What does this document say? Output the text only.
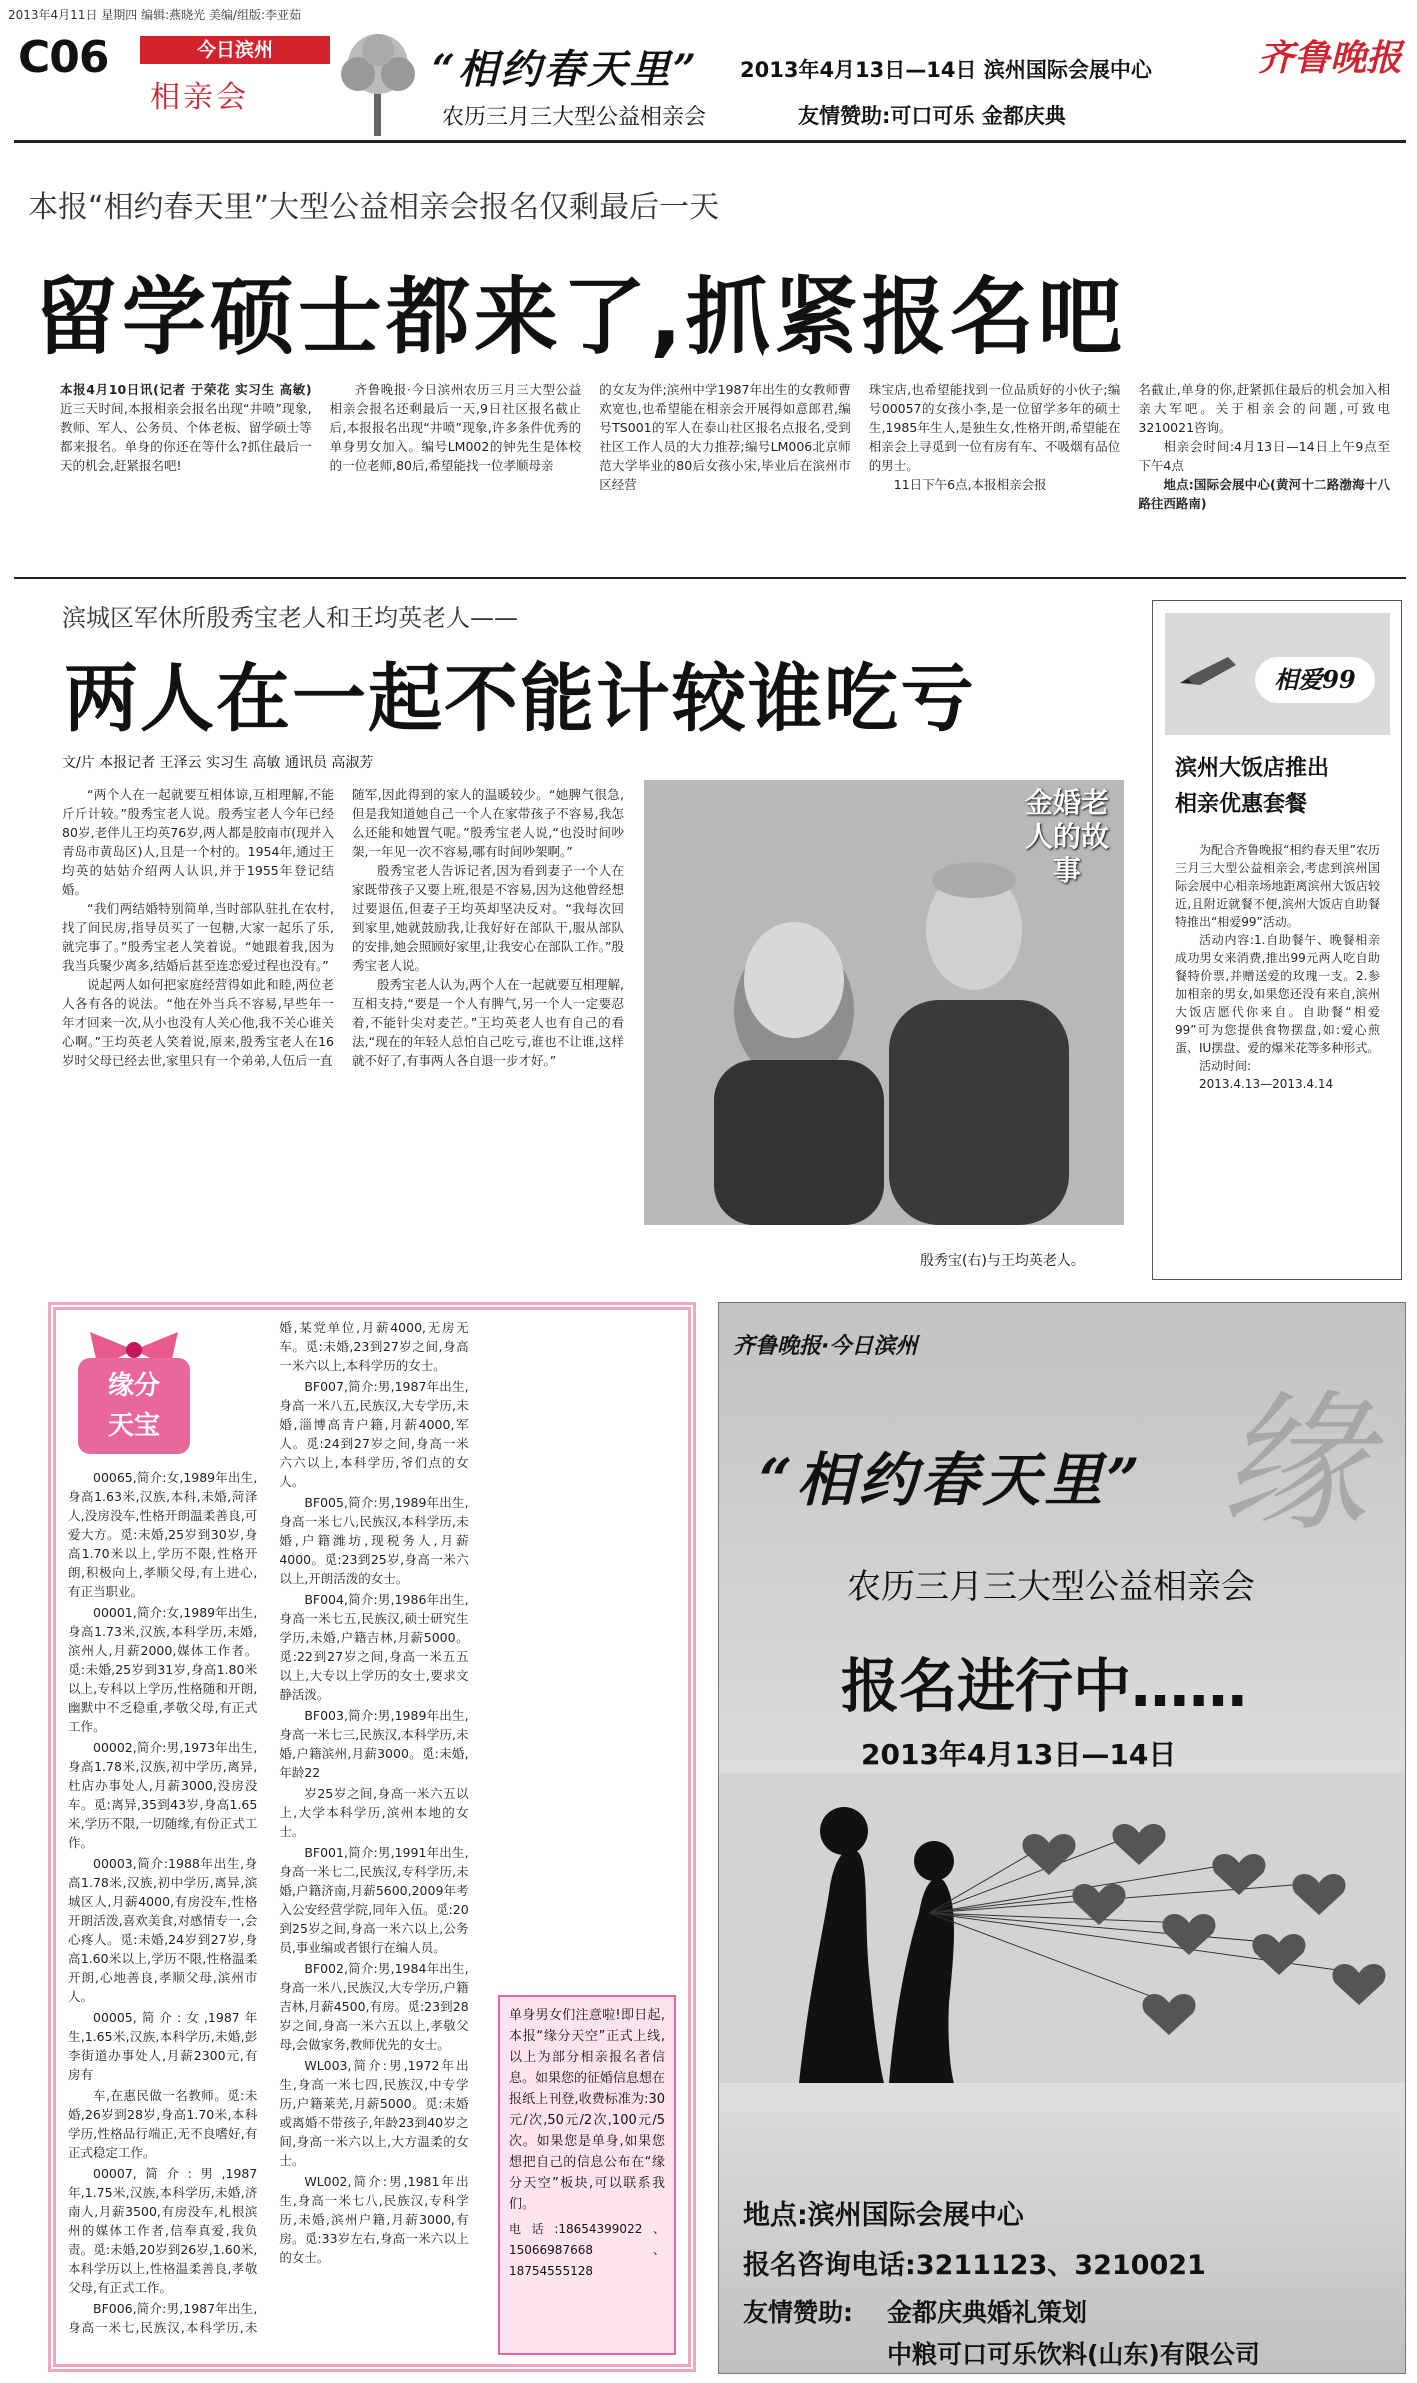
2013年4月11日 星期四 编辑:燕晓光 美编/组版:李亚茹
C06	今日滨州
相亲会
“相约春天里”
农历三月三大型公益相亲会
2013年4月13日—14日 滨州国际会展中心
友情赞助:可口可乐 金都庆典
齐鲁晚报
本报“相约春天里”大型公益相亲会报名仅剩最后一天
留学硕士都来了,抓紧报名吧
本报4月10日讯(记者 于荣花 实习生 高敏) 近三天时间,本报相亲会报名出现“井喷”现象,教师、军人、公务员、个体老板、留学硕士等都来报名。单身的你还在等什么?抓住最后一天的机会,赶紧报名吧!
齐鲁晚报·今日滨州农历三月三大型公益相亲会报名还剩最后一天,9日社区报名截止后,本报报名出现“井喷”现象,许多条件优秀的单身男女加入。编号LM002的钟先生是体校的一位老师,80后,希望能找一位孝顺母亲
的女友为伴;滨州中学1987年出生的女教师曹欢宽也,也希望能在相亲会开展得如意郎君,编号TS001的军人在泰山社区报名点报名,受到社区工作人员的大力推荐;编号LM006北京师范大学毕业的80后女孩小宋,毕业后在滨州市区经营

珠宝店,也希望能找到一位品质好的小伙子;编号00057的女孩小李,是一位留学多年的硕士生,1985年生人,是独生女,性格开朗,希望能在相亲会上寻觅到一位有房有车、不吸烟有品位的男士。

11日下午6点,本报相亲会报

名截止,单身的你,赶紧抓住最后的机会加入相亲大军吧。关于相亲会的问题,可致电3210021咨询。

相亲会时间:4月13日—14日上午9点至下午4点

地点:国际会展中心(黄河十二路渤海十八路往西路南)

滨城区军休所殷秀宝老人和王均英老人——
两人在一起不能计较谁吃亏
文/片 本报记者 王泽云 实习生 高敏 通讯员 高淑芳

“两个人在一起就要互相体谅,互相理解,不能斤斤计较。”殷秀宝老人说。殷秀宝老人今年已经80岁,老伴儿王均英76岁,两人都是胶南市(现并入青岛市黄岛区)人,且是一个村的。1954年,通过王均英的姑姑介绍两人认识,并于1955年登记结婚。

“我们两结婚特别简单,当时部队驻扎在农村,找了间民房,指导员买了一包糖,大家一起乐了乐,就完事了。”殷秀宝老人笑着说。“她跟着我,因为我当兵聚少离多,结婚后甚至连恋爱过程也没有。”

说起两人如何把家庭经营得如此和睦,两位老人各有各的说法。“他在外当兵不容易,早些年一年才回来一次,从小也没有人关心他,我不关心谁关心啊。”王均英老人笑着说,原来,殷秀宝老人在16岁时父母已经去世,家里只有一个弟弟,人伍后一直

随军,因此得到的家人的温暖较少。“她脾气很急,但是我知道她自己一个人在家带孩子不容易,我怎么还能和她置气呢。”殷秀宝老人说,“也没时间吵架,一年见一次不容易,哪有时间吵架啊。”

殷秀宝老人告诉记者,因为看到妻子一个人在家既带孩子又要上班,很是不容易,因为这他曾经想过要退伍,但妻子王均英却坚决反对。“我每次回到家里,她就鼓励我,让我好好在部队干,服从部队的安排,她会照顾好家里,让我安心在部队工作。”殷秀宝老人说。

殷秀宝老人认为,两个人在一起就要互相理解,互相支持,“要是一个人有脾气,另一个人一定要忍着,不能针尖对麦芒。”王均英老人也有自己的看法,“现在的年轻人总怕自己吃亏,谁也不让谁,这样就不好了,有事两人各自退一步才好。”

金婚老人的故事
殷秀宝(右)与王均英老人。
相爱99
滨州大饭店推出
相亲优惠套餐

为配合齐鲁晚报“相约春天里”农历三月三大型公益相亲会,考虑到滨州国际会展中心相亲场地距离滨州大饭店较近,且附近就餐不便,滨州大饭店自助餐特推出“相爱99”活动。

活动内容:1.自助餐午、晚餐相亲成功男女来消费,推出99元两人吃自助餐特价票,并赠送爱的玫瑰一支。2.参加相亲的男女,如果您还没有来自,滨州大饭店愿代你来自。自助餐“相爱99”可为您提供食物摆盘,如:爱心煎蛋、IU摆盘、爱的爆米花等多种形式。

活动时间:

2013.4.13—2013.4.14

缘分
天宝

00065,简介:女,1989年出生,身高1.63米,汉族,本科,未婚,菏泽人,没房没车,性格开朗温柔善良,可爱大方。觅:未婚,25岁到30岁,身高1.70米以上,学历不限,性格开朗,积极向上,孝顺父母,有上进心,有正当职业。

00001,简介:女,1989年出生,身高1.73米,汉族,本科学历,未婚,滨州人,月薪2000,媒体工作者。觅:未婚,25岁到31岁,身高1.80米以上,专科以上学历,性格随和开朗,幽默中不乏稳重,孝敬父母,有正式工作。

00002,简介:男,1973年出生,身高1.78米,汉族,初中学历,离异,杜店办事处人,月薪3000,没房没车。觅:离异,35到43岁,身高1.65米,学历不限,一切随缘,有份正式工作。

00003,简介:1988年出生,身高1.78米,汉族,初中学历,离异,滨城区人,月薪4000,有房没车,性格开朗活泼,喜欢美食,对感情专一,会心疼人。觅:未婚,24岁到27岁,身高1.60米以上,学历不限,性格温柔开朗,心地善良,孝顺父母,滨州市人。

00005,简介:女,1987年生,1.65米,汉族,本科学历,未婚,彭李街道办事处人,月薪2300元,有房有

车,在惠民做一名教师。觅:未婚,26岁到28岁,身高1.70米,本科学历,性格品行端正,无不良嗜好,有正式稳定工作。

00007,简介:男,1987年,1.75米,汉族,本科学历,未婚,济南人,月薪3500,有房没车,札根滨州的媒体工作者,信奉真爱,我负责。觅:未婚,20岁到26岁,1.60米,本科学历以上,性格温柔善良,孝敬父母,有正式工作。

BF006,简介:男,1987年出生,身高一米七,民族汉,本科学历,未婚,某党单位,月薪4000,无房无车。觅:未婚,23到27岁之间,身高一米六以上,本科学历的女士。

BF007,简介:男,1987年出生,身高一米八五,民族汉,大专学历,未婚,淄博高青户籍,月薪4000,军人。觅:24到27岁之间,身高一米六六以上,本科学历,爷们点的女人。

BF005,简介:男,1989年出生,身高一米七八,民族汉,本科学历,未婚,户籍潍坊,现税务人,月薪4000。觅:23到25岁,身高一米六以上,开朗活泼的女士。

BF004,简介:男,1986年出生,身高一米七五,民族汉,硕士研究生学历,未婚,户籍吉林,月薪5000。觅:22到27岁之间,身高一米五五以上,大专以上学历的女士,要求文静活泼。

BF003,简介:男,1989年出生,身高一米七三,民族汉,本科学历,未婚,户籍滨州,月薪3000。觅:未婚,年龄22

岁25岁之间,身高一米六五以上,大学本科学历,滨州本地的女士。

BF001,简介:男,1991年出生,身高一米七二,民族汉,专科学历,未婚,户籍济南,月薪5600,2009年考入公安经营学院,同年入伍。觅:20到25岁之间,身高一米六以上,公务员,事业编或者银行在编人员。

BF002,简介:男,1984年出生,身高一米八,民族汉,大专学历,户籍吉林,月薪4500,有房。觅:23到28岁之间,身高一米六五以上,孝敬父母,会做家务,教师优先的女士。

WL003,简介:男,1972年出生,身高一米七四,民族汉,中专学历,户籍莱芜,月薪5000。觅:未婚或离婚不带孩子,年龄23到40岁之间,身高一米六以上,大方温柔的女士。

WL002,简介:男,1981年出生,身高一米七八,民族汉,专科学历,未婚,滨州户籍,月薪3000,有房。觅:33岁左右,身高一米六以上的女士。

单身男女们注意啦!即日起,本报“缘分天空”正式上线,以上为部分相亲报名者信息。如果您的征婚信息想在报纸上刊登,收费标准为:30元/次,50元/2次,100元/5次。如果您是单身,如果您想把自己的信息公布在“缘分天空”板块,可以联系我们。

电话:18654399022、15066987668、18754555128

齐鲁晚报·今日滨州
缘
“相约春天里”
农历三月三大型公益相亲会
报名进行中……
2013年4月13日—14日
地点:滨州国际会展中心
报名咨询电话:3211123、3210021
友情赞助: 金都庆典婚礼策划
中粮可口可乐饮料(山东)有限公司
